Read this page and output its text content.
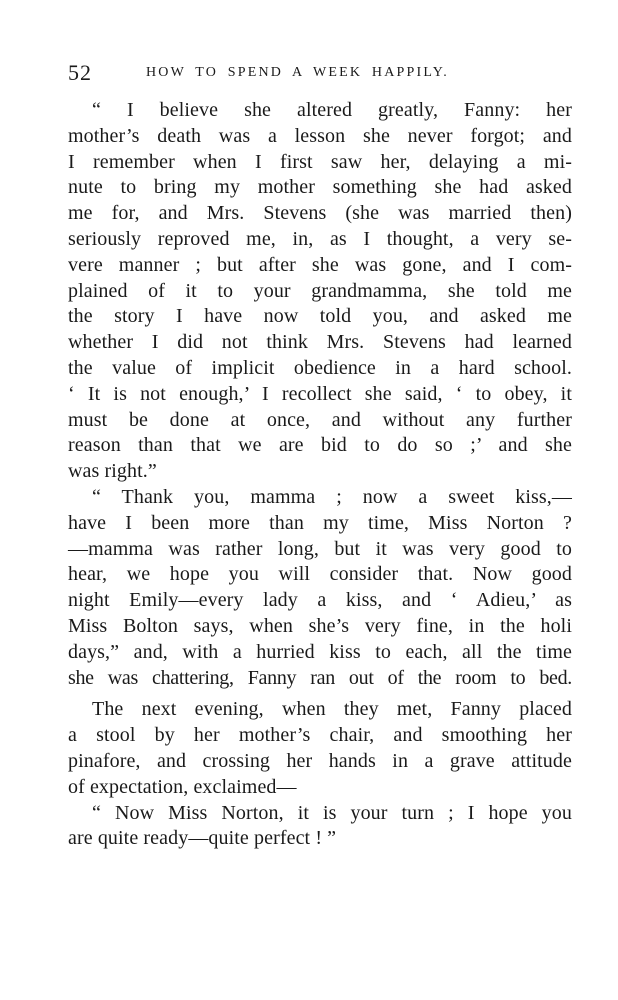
52	HOW TO SPEND A WEEK HAPPILY.
“ I believe she altered greatly, Fanny: her
mother’s death was a lesson she never forgot; and
I remember when I first saw her, delaying a mi-
nute to bring my mother something she had asked
me for, and Mrs. Stevens (she was married then)
seriously reproved me, in, as I thought, a very se-
vere manner ; but after she was gone, and I com-
plained of it to your grandmamma, she told me
the story I have now told you, and asked me
whether I did not think Mrs. Stevens had learned
the value of implicit obedience in a hard school.
‘ It is not enough,’ I recollect she said, ‘ to obey, it
must be done at once, and without any further
reason than that we are bid to do so ;’ and she
was right.”
“ Thank you, mamma ; now a sweet kiss,—
have I been more than my time, Miss Norton ?
—mamma was rather long, but it was very good to
hear, we hope you will consider that. Now good
night Emily—every lady a kiss, and ‘ Adieu,’ as
Miss Bolton says, when she’s very fine, in the holi
days,” and, with a hurried kiss to each, all the time
she was chattering, Fanny ran out of the room to bed.
The next evening, when they met, Fanny placed
a stool by her mother’s chair, and smoothing her
pinafore, and crossing her hands in a grave attitude
of expectation, exclaimed—
“ Now Miss Norton, it is your turn ; I hope you
are quite ready—quite perfect ! ”
